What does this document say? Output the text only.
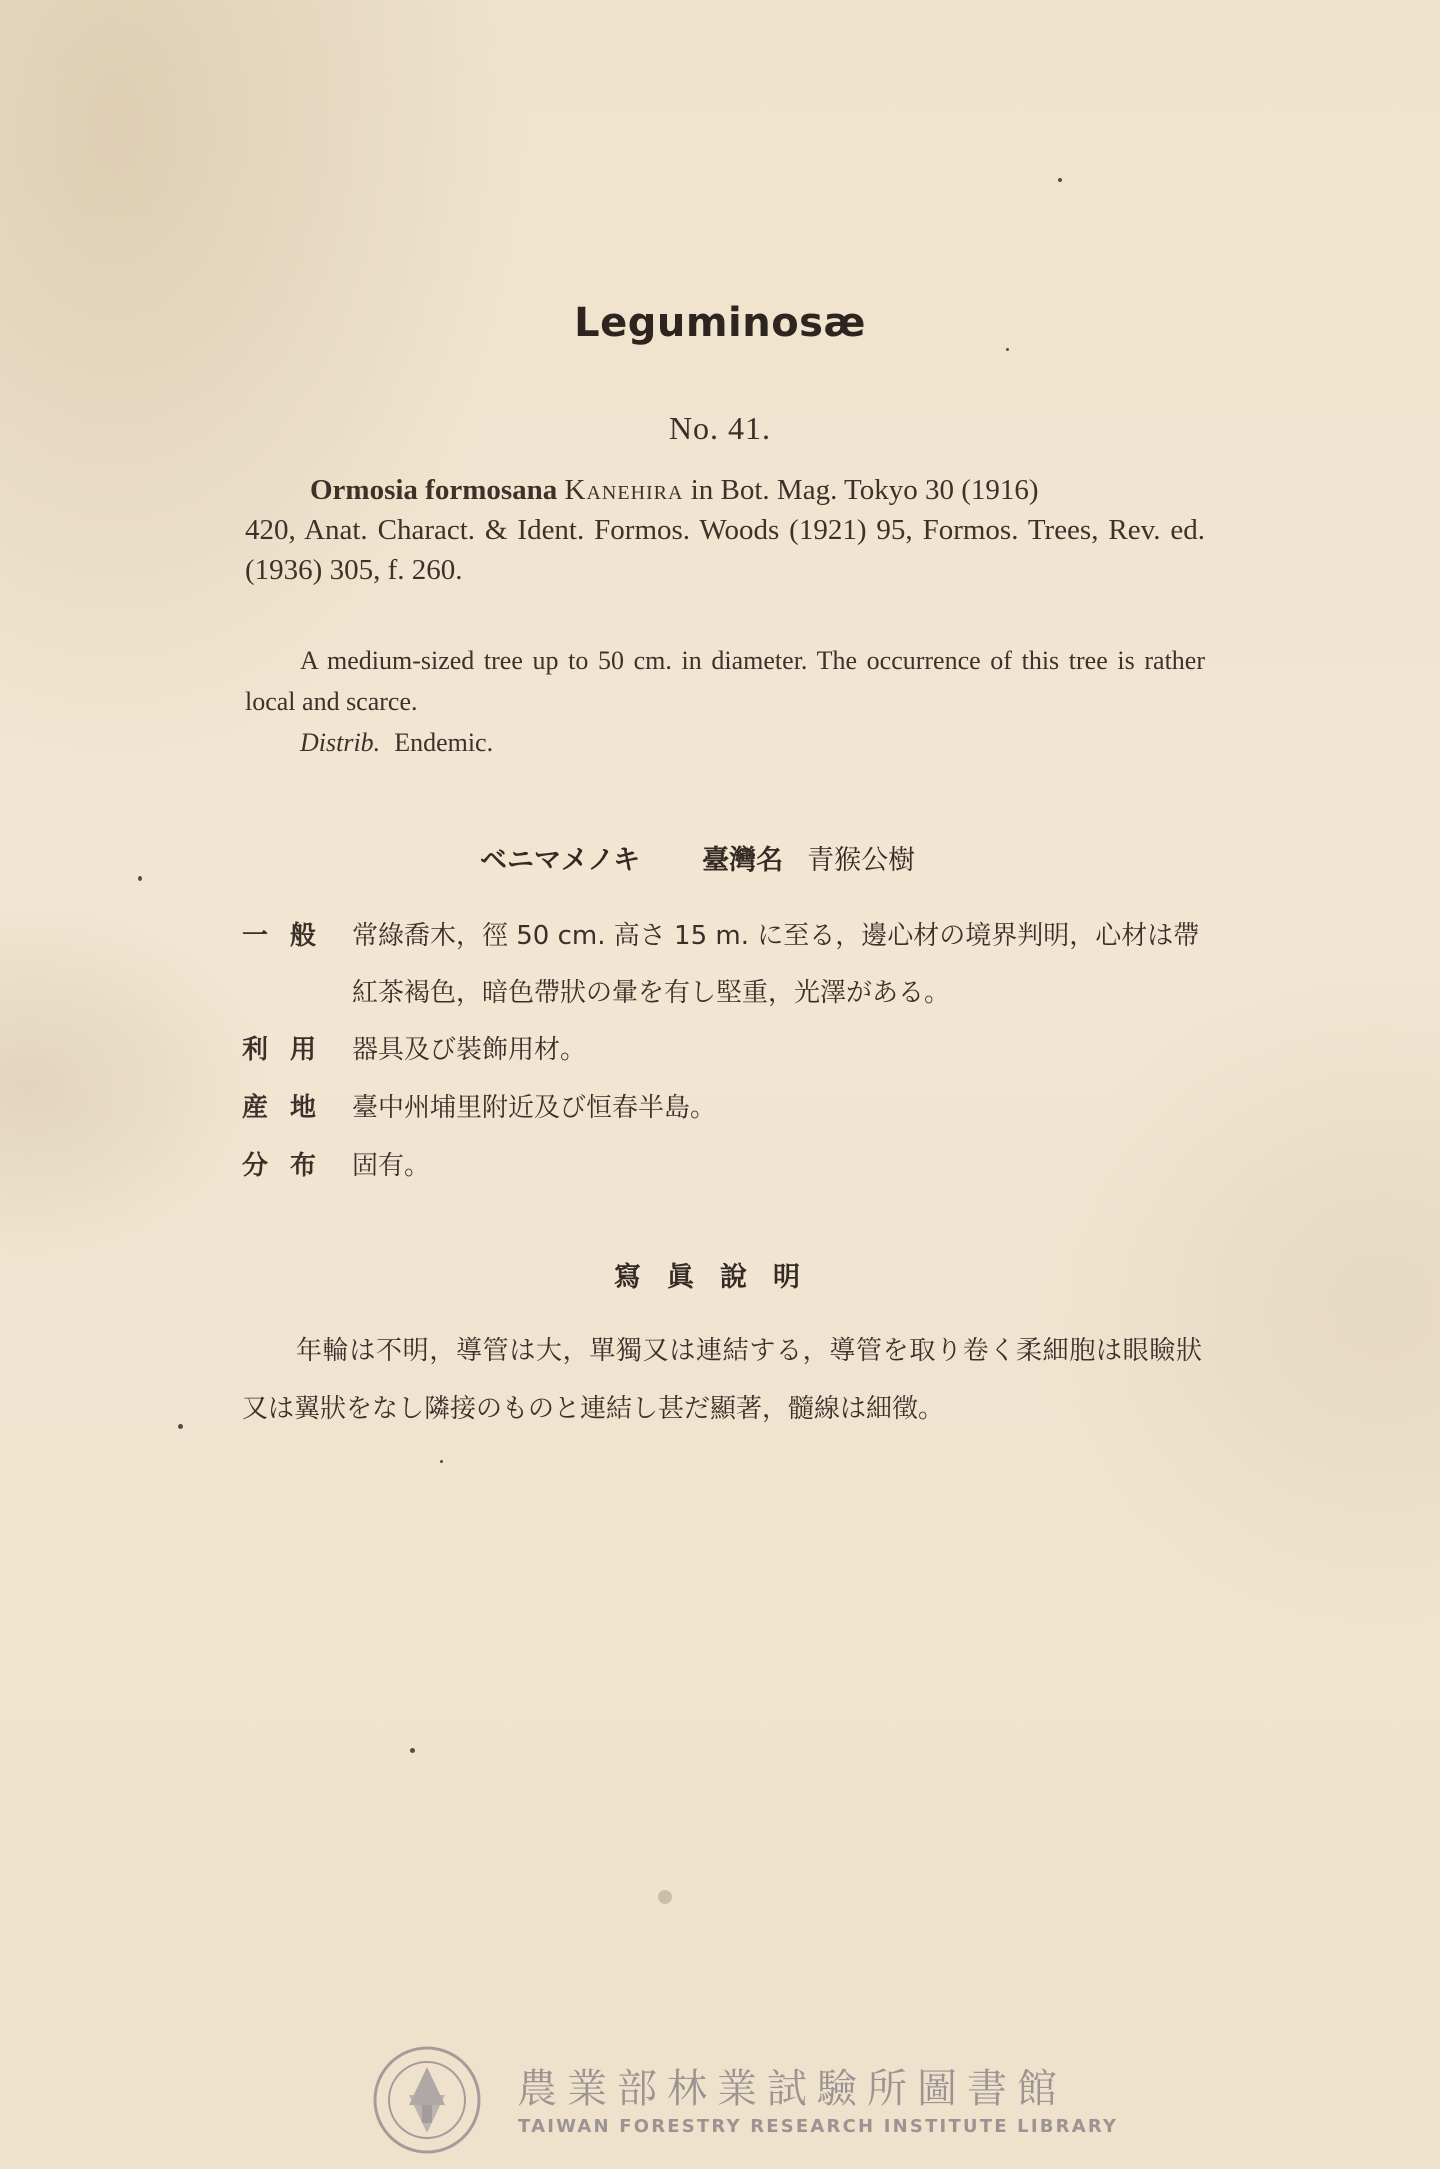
Leguminosæ
No. 41.

Ormosia formosana Kanehira in Bot. Mag. Tokyo 30 (1916)

420, Anat. Charact. & Ident. Formos. Woods (1921) 95, Formos. Trees, Rev. ed. (1936) 305, f. 260.

A medium-sized tree up to 50 cm. in diameter. The occurrence of this tree is rather local and scarce.

Distrib. Endemic.

ベニマメノキ 臺灣名 青猴公樹
一般 常綠喬木，徑 50 cm. 高さ 15 m. に至る，邊心材の境界判明，心材は帶紅茶褐色，暗色帶狀の暈を有し堅重，光澤がある。
利用 器具及び裝飾用材。
産地 臺中州埔里附近及び恒春半島。
分布 固有。
寫眞說明
年輪は不明，導管は大，單獨又は連結する，導管を取り卷く柔細胞は眼瞼狀又は翼狀をなし隣接のものと連結し甚だ顯著，髓線は細徵。
農業部林業試驗所圖書館
TAIWAN FORESTRY RESEARCH INSTITUTE LIBRARY
